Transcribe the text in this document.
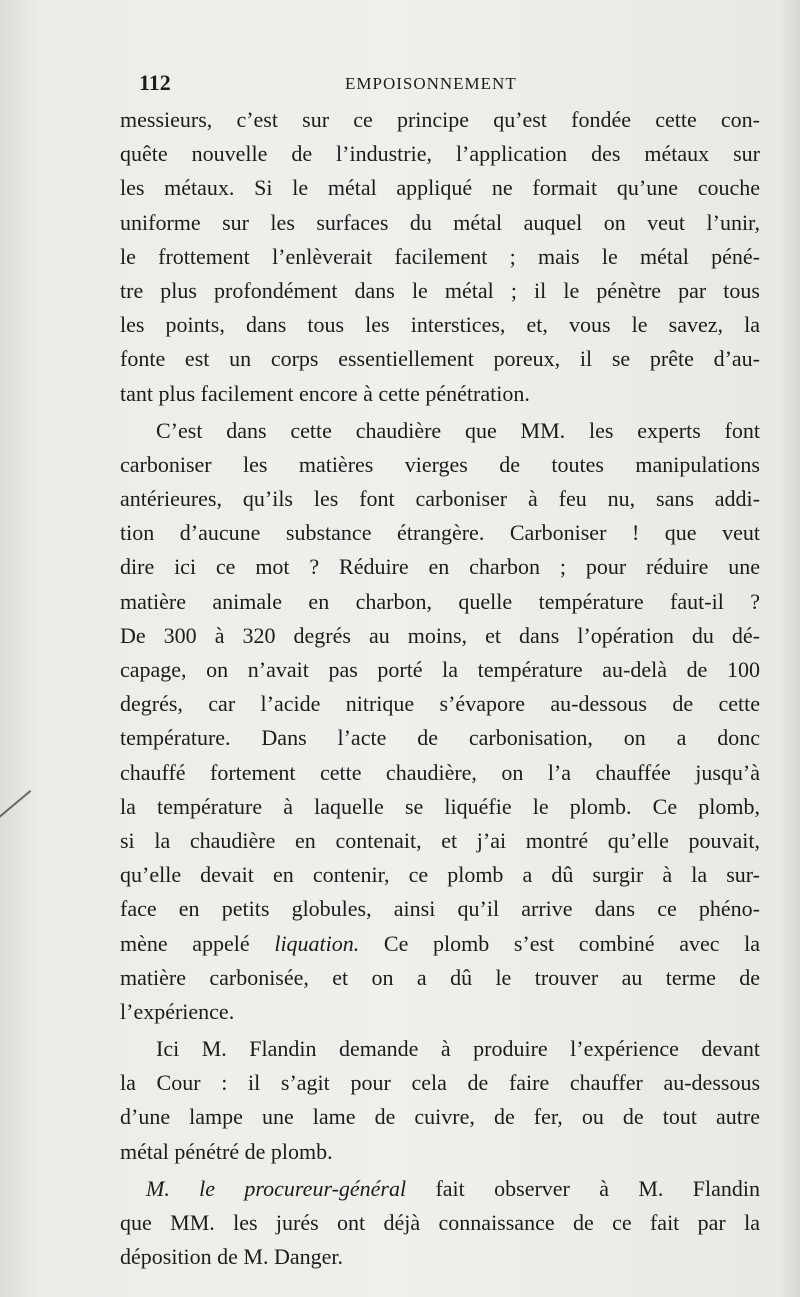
112	EMPOISONNEMENT
messieurs, c’est sur ce principe qu’est fondée cette con-
quête nouvelle de l’industrie, l’application des métaux sur
les métaux. Si le métal appliqué ne formait qu’une couche
uniforme sur les surfaces du métal auquel on veut l’unir,
le frottement l’enlèverait facilement ; mais le métal péné-
tre plus profondément dans le métal ; il le pénètre par tous
les points, dans tous les interstices, et, vous le savez, la
fonte est un corps essentiellement poreux, il se prête d’au-
tant plus facilement encore à cette pénétration.
C’est dans cette chaudière que MM. les experts font
carboniser les matières vierges de toutes manipulations
antérieures, qu’ils les font carboniser à feu nu, sans addi-
tion d’aucune substance étrangère. Carboniser ! que veut
dire ici ce mot ? Réduire en charbon ; pour réduire une
matière animale en charbon, quelle température faut-il ?
De 300 à 320 degrés au moins, et dans l’opération du dé-
capage, on n’avait pas porté la température au-delà de 100
degrés, car l’acide nitrique s’évapore au-dessous de cette
température. Dans l’acte de carbonisation, on a donc
chauffé fortement cette chaudière, on l’a chauffée jusqu’à
la température à laquelle se liquéfie le plomb. Ce plomb,
si la chaudière en contenait, et j’ai montré qu’elle pouvait,
qu’elle devait en contenir, ce plomb a dû surgir à la sur-
face en petits globules, ainsi qu’il arrive dans ce phéno-
mène appelé liquation. Ce plomb s’est combiné avec la
matière carbonisée, et on a dû le trouver au terme de
l’expérience.
Ici M. Flandin demande à produire l’expérience devant
la Cour : il s’agit pour cela de faire chauffer au-dessous
d’une lampe une lame de cuivre, de fer, ou de tout autre
métal pénétré de plomb.
M. le procureur-général fait observer à M. Flandin
que MM. les jurés ont déjà connaissance de ce fait par la
déposition de M. Danger.
